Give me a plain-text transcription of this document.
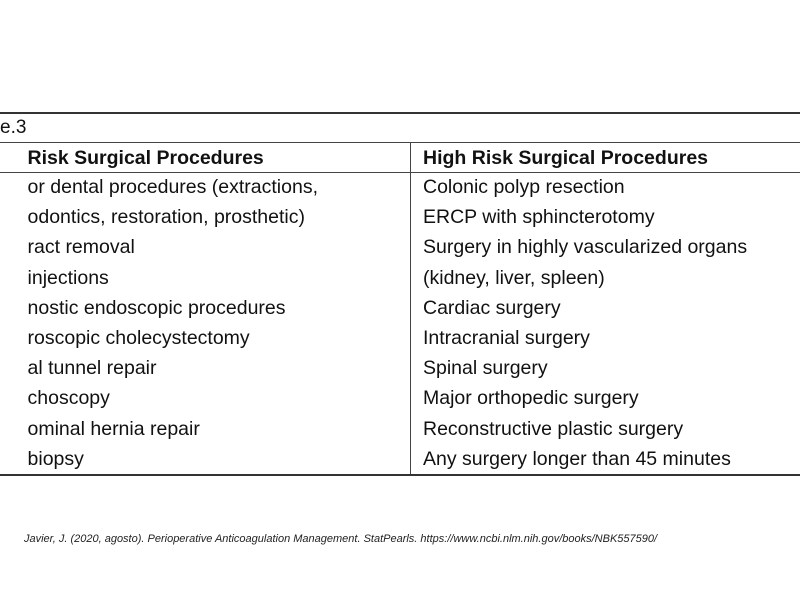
e.3
Risk Surgical Procedures
or dental procedures (extractions,
odontics, restoration, prosthetic)
ract removal
injections
nostic endoscopic procedures
roscopic cholecystectomy
al tunnel repair
choscopy
ominal hernia repair
biopsy
High Risk Surgical Procedures
Colonic polyp resection
ERCP with sphincterotomy
Surgery in highly vascularized organs
(kidney, liver, spleen)
Cardiac surgery
Intracranial surgery
Spinal surgery
Major orthopedic surgery
Reconstructive plastic surgery
Any surgery longer than 45 minutes
Javier, J. (2020, agosto). Perioperative Anticoagulation Management. StatPearls. https://www.ncbi.nlm.nih.gov/books/NBK557590/
